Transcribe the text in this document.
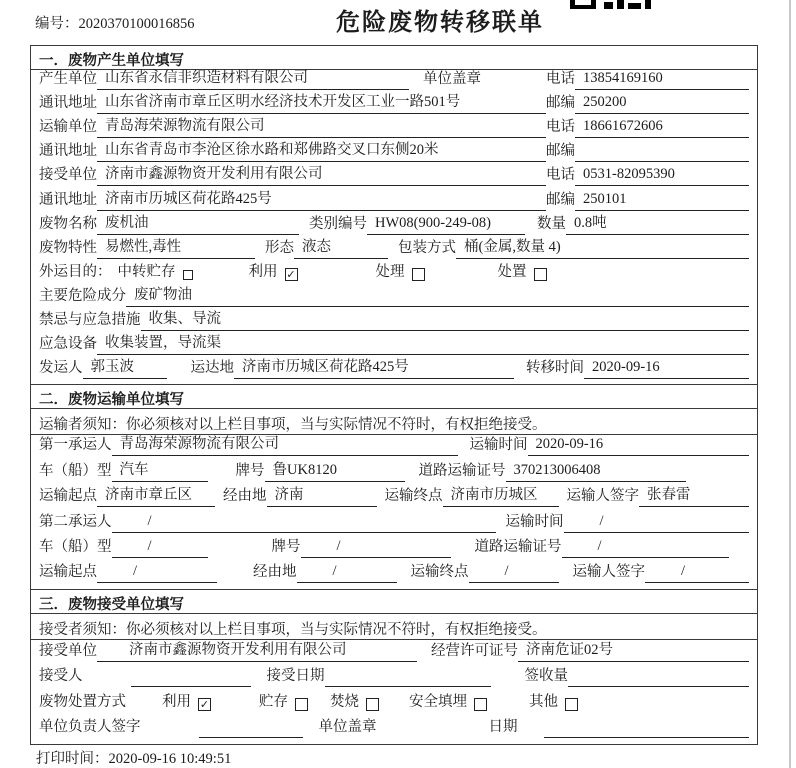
编号：2020370100016856	危险废物转移联单
一．废物产生单位填写
产生单位 山东省永信非织造材料有限公司	单位盖章	电话 13854169160
通讯地址 山东省济南市章丘区明水经济技术开发区工业一路501号	邮编 250200
运输单位 青岛海荣源物流有限公司	电话 18661672606
通讯地址 山东省青岛市李沧区徐水路和郑佛路交叉口东侧20米	邮编
接受单位 济南市鑫源物资开发利用有限公司	电话 0531-82095390
通讯地址 济南市历城区荷花路425号	邮编 250101
废物名称 废机油	类别编号 HW08(900-249-08)	数量 0.8吨
废物特性 易燃性,毒性	形态 液态	包装方式 桶(金属,数量 4)
外运目的： 中转贮存	利用 ✓	处理	处置
主要危险成分 废矿物油
禁忌与应急措施 收集、导流
应急设备 收集装置，导流渠
发运人 郭玉波	运达地 济南市历城区荷花路425号	转移时间 2020-09-16
二．废物运输单位填写
运输者须知：你必须核对以上栏目事项，当与实际情况不符时，有权拒绝接受。
第一承运人 青岛海荣源物流有限公司	运输时间 2020-09-16
车（船）型 汽车	牌号 鲁UK8120	道路运输证号 370213006408
运输起点 济南市章丘区	经由地 济南	运输终点 济南市历城区	运输人签字 张春雷
第二承运人	/	运输时间	/
车（船）型	/	牌号	/	道路运输证号	/
运输起点	/	经由地	/	运输终点	/	运输人签字	/
三．废物接受单位填写
接受者须知：你必须核对以上栏目事项，当与实际情况不符时，有权拒绝接受。
接受单位	济南市鑫源物资开发利用有限公司	经营许可证号 济南危证02号
接受人	接受日期	签收量
废物处置方式 利用 ✓	贮存	焚烧	安全填埋	其他
单位负责人签字	单位盖章	日期
打印时间：2020-09-16 10:49:51
